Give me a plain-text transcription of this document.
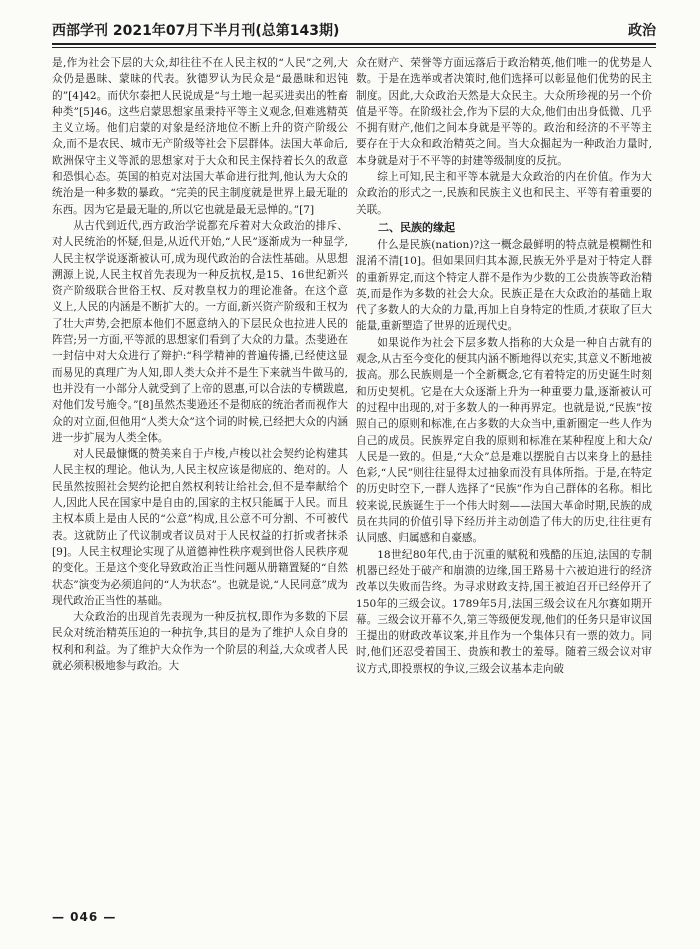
西部学刊 2021年07月下半月刊(总第143期)	政治

是,作为社会下层的大众,却往往不在人民主权的“人民”之列,大众仍是愚昧、蒙昧的代表。狄德罗认为民众是“最愚昧和迟钝的”[4]42。而伏尔泰把人民说成是“与土地一起买进卖出的牲畜种类”[5]46。这些启蒙思想家虽秉持平等主义观念,但难逃精英主义立场。他们启蒙的对象是经济地位不断上升的资产阶级公众,而不是农民、城市无产阶级等社会下层群体。法国大革命后,欧洲保守主义等派的思想家对于大众和民主保持着长久的敌意和恐惧心态。英国的柏克对法国大革命进行批判,他认为大众的统治是一种多数的暴政。“完美的民主制度就是世界上最无耻的东西。因为它是最无耻的,所以它也就是最无忌惮的。”[7]

从古代到近代,西方政治学说都充斥着对大众政治的排斥、对人民统治的怀疑,但是,从近代开始,“人民”逐渐成为一种显学,人民主权学说逐渐被认可,成为现代政治的合法性基础。从思想溯源上说,人民主权首先表现为一种反抗权,是15、16世纪新兴资产阶级联合世俗王权、反对教皇权力的理论准备。在这个意义上,人民的内涵是不断扩大的。一方面,新兴资产阶级和王权为了壮大声势,会把原本他们不愿意纳入的下层民众也拉进人民的阵营;另一方面,平等派的思想家们看到了大众的力量。杰斐逊在一封信中对大众进行了辩护:“科学精神的普遍传播,已经使这显而易见的真理广为人知,即人类大众并不是生下来就当牛做马的,也并没有一小部分人就受到了上帝的恩惠,可以合法的专横跋扈,对他们发号施令。”[8]虽然杰斐逊还不是彻底的统治者而视作大众的对立面,但他用“人类大众”这个词的时候,已经把大众的内涵进一步扩展为人类全体。

对人民最慷慨的赞美来自于卢梭,卢梭以社会契约论构建其人民主权的理论。他认为,人民主权应该是彻底的、绝对的。人民虽然按照社会契约论把自然权利转让给社会,但不是奉献给个人,因此人民在国家中是自由的,国家的主权只能属于人民。而且主权本质上是由人民的“公意”构成,且公意不可分割、不可被代表。这就防止了代议制或者议员对于人民权益的打折或者抹杀[9]。人民主权理论实现了从道德神性秩序观到世俗人民秩序观的变化。王是这个变化导致政治正当性问题从册籍置疑的“自然状态”演变为必须追问的“人为状态”。也就是说,“人民同意”成为现代政治正当性的基础。

大众政治的出现首先表现为一种反抗权,即作为多数的下层民众对统治精英压迫的一种抗争,其目的是为了维护人众自身的权利和利益。为了维护大众作为一个阶层的利益,大众或者人民就必须积极地参与政治。大

众在财产、荣誉等方面远落后于政治精英,他们唯一的优势是人数。于是在选举或者决策时,他们选择可以彰显他们优势的民主制度。因此,大众政治天然是大众民主。大众所珍视的另一个价值是平等。在阶级社会,作为下层的大众,他们由出身低微、几乎不拥有财产,他们之间本身就是平等的。政治和经济的不平等主要存在于大众和政治精英之间。当大众掘起为一种政治力量时,本身就是对于不平等的封建等级制度的反抗。

综上可知,民主和平等本就是大众政治的内在价值。作为大众政治的形式之一,民族和民族主义也和民主、平等有着重要的关联。

二、民族的缘起

什么是民族(nation)?这一概念最鲜明的特点就是模糊性和混淆不清[10]。但如果回归其本源,民族无外乎是对于特定人群的重新界定,而这个特定人群不是作为少数的工公贵族等政治精英,而是作为多数的社会大众。民族正是在大众政治的基础上取代了多数人的大众的力量,再加上自身特定的性质,才获取了巨大能量,重新塑造了世界的近现代史。

如果说作为社会下层多数人指称的大众是一种自古就有的观念,从古至今变化的便其内涵不断地得以充实,其意义不断地被拔高。那么民族则是一个全新概念,它有着特定的历史诞生时刻和历史契机。它是在大众逐渐上升为一种重要力量,逐渐被认可的过程中出现的,对于多数人的一种再界定。也就是说,“民族”按照自己的原则和标准,在占多数的大众当中,重新圈定一些人作为自己的成员。民族界定自我的原则和标准在某种程度上和大众/人民是一致的。但是,“大众”总是难以摆脱自古以来身上的悬挂色彩,“人民”则往往显得太过抽象而没有具体所指。于是,在特定的历史时空下,一群人选择了“民族”作为自己群体的名称。相比较来说,民族诞生于一个伟大时刻——法国大革命时期,民族的成员在共同的价值引导下经历并主动创造了伟大的历史,往往更有认同感、归属感和自豪感。

18世纪80年代,由于沉重的赋税和残酷的压迫,法国的专制机器已经处于破产和崩溃的边缘,国王路易十六被迫进行的经济改革以失败而告终。为寻求财政支持,国王被迫召开已经停开了150年的三级会议。1789年5月,法国三级会议在凡尔赛如期开幕。三级会议开幕不久,第三等级便发现,他们的任务只是审议国王提出的财政改革议案,并且作为一个集体只有一票的效力。同时,他们还忍受着国王、贵族和教士的羞辱。随着三级会议对审议方式,即投票权的争议,三级会议基本走向破

— 046 —
